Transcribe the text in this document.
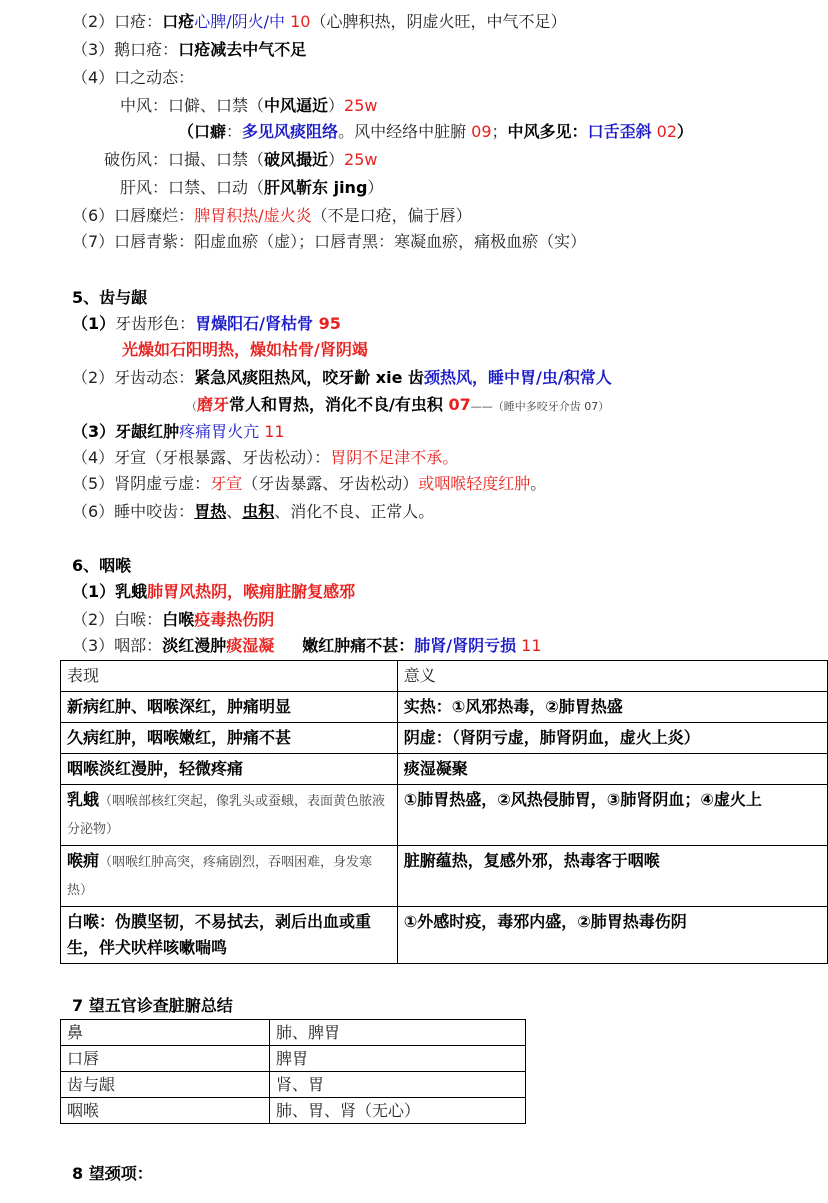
（2）口疮：口疮心脾/阴火/中 10（心脾积热，阴虚火旺，中气不足）
（3）鹅口疮：口疮减去中气不足
（4）口之动态：
中风：口僻、口禁（中风逼近）25w
（口癖：多见风痰阻络。风中经络中脏腑 09；中风多见：口舌歪斜 02）
破伤风：口撮、口禁（破风撮近）25w
肝风：口禁、口动（肝风靳东 jing）
（6）口唇糜烂：脾胃积热/虚火炎（不是口疮，偏于唇）
（7）口唇青紫：阳虚血瘀（虚）；口唇青黑：寒凝血瘀，痛极血瘀（实）
5、齿与龈
（1）牙齿形色：胃燥阳石/肾枯骨 95
光燥如石阳明热，燥如枯骨/肾阴竭
（2）牙齿动态：紧急风痰阻热风，咬牙齘 xie 齿颈热风，睡中胃/虫/积常人
（磨牙常人和胃热，消化不良/有虫积 07——（睡中多咬牙介齿 07）
（3）牙龈红肿疼痛胃火亢 11
（4）牙宣（牙根暴露、牙齿松动）：胃阴不足津不承。
（5）肾阴虚亏虚：牙宣（牙齿暴露、牙齿松动）或咽喉轻度红肿。
（6）睡中咬齿：胃热、虫积、消化不良、正常人。
6、咽喉
（1）乳蛾肺胃风热阴，喉痈脏腑复感邪
（2）白喉：白喉疫毒热伤阴
（3）咽部：淡红漫肿痰湿凝 嫩红肿痛不甚：肺肾/肾阴亏损 11
表现	意义
新病红肿、咽喉深红，肿痛明显	实热：①风邪热毒，②肺胃热盛
久病红肿，咽喉嫩红，肿痛不甚	阴虚：（肾阴亏虚，肺肾阴血，虚火上炎）
咽喉淡红漫肿，轻微疼痛	痰湿凝聚
乳蛾（咽喉部核红突起，像乳头或蚕蛾，表面黄色脓液分泌物）	①肺胃热盛，②风热侵肺胃，③肺肾阴血；④虚火上
喉痈（咽喉红肿高突，疼痛剧烈，吞咽困难，身发寒热）	脏腑蕴热，复感外邪，热毒客于咽喉
白喉：伪膜坚韧，不易拭去，剥后出血或重生，伴犬吠样咳嗽喘鸣	①外感时疫，毒邪内盛，②肺胃热毒伤阴
7 望五官诊查脏腑总结
鼻	肺、脾胃
口唇	脾胃
齿与龈	肾、胃
咽喉	肺、胃、肾（无心）
8 望颈项：
